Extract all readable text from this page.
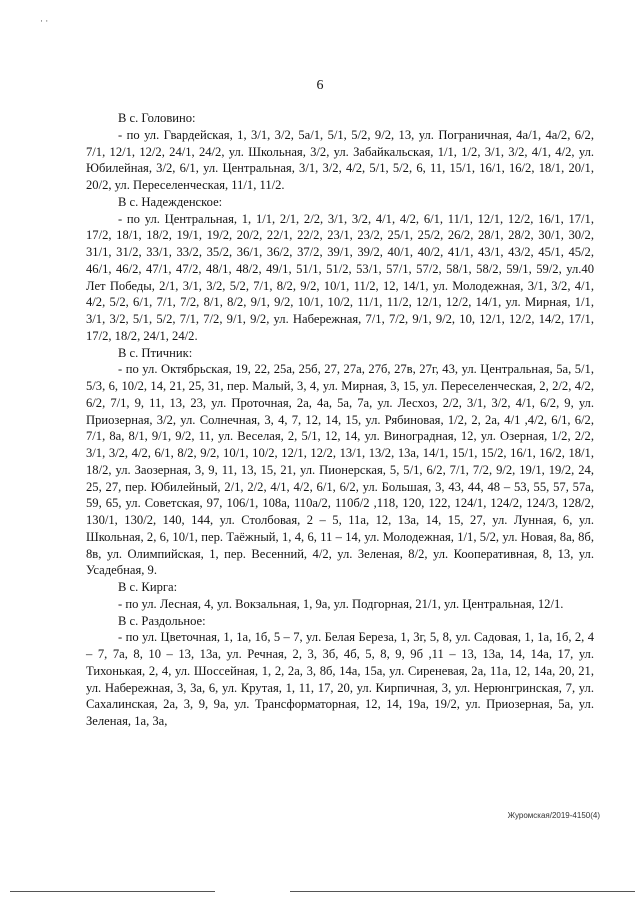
· ·
6

В с. Головино:

- по ул. Гвардейская, 1, 3/1, 3/2, 5а/1, 5/1, 5/2, 9/2, 13, ул. Пограничная, 4а/1, 4а/2, 6/2, 7/1, 12/1, 12/2, 24/1, 24/2, ул. Школьная, 3/2, ул. Забайкальская, 1/1, 1/2, 3/1, 3/2, 4/1, 4/2, ул. Юбилейная, 3/2, 6/1, ул. Центральная, 3/1, 3/2, 4/2, 5/1, 5/2, 6, 11, 15/1, 16/1, 16/2, 18/1, 20/1, 20/2, ул. Переселенческая, 11/1, 11/2.

В с. Надежденское:

- по ул. Центральная, 1, 1/1, 2/1, 2/2, 3/1, 3/2, 4/1, 4/2, 6/1, 11/1, 12/1, 12/2, 16/1, 17/1, 17/2, 18/1, 18/2, 19/1, 19/2, 20/2, 22/1, 22/2, 23/1, 23/2, 25/1, 25/2, 26/2, 28/1, 28/2, 30/1, 30/2, 31/1, 31/2, 33/1, 33/2, 35/2, 36/1, 36/2, 37/2, 39/1, 39/2, 40/1, 40/2, 41/1, 43/1, 43/2, 45/1, 45/2, 46/1, 46/2, 47/1, 47/2, 48/1, 48/2, 49/1, 51/1, 51/2, 53/1, 57/1, 57/2, 58/1, 58/2, 59/1, 59/2, ул.40 Лет Победы, 2/1, 3/1, 3/2, 5/2, 7/1, 8/2, 9/2, 10/1, 11/2, 12, 14/1, ул. Молодежная, 3/1, 3/2, 4/1, 4/2, 5/2, 6/1, 7/1, 7/2, 8/1, 8/2, 9/1, 9/2, 10/1, 10/2, 11/1, 11/2, 12/1, 12/2, 14/1, ул. Мирная, 1/1, 3/1, 3/2, 5/1, 5/2, 7/1, 7/2, 9/1, 9/2, ул. Набережная, 7/1, 7/2, 9/1, 9/2, 10, 12/1, 12/2, 14/2, 17/1, 17/2, 18/2, 24/1, 24/2.

В с. Птичник:

- по ул. Октябрьская, 19, 22, 25а, 25б, 27, 27а, 27б, 27в, 27г, 43, ул. Центральная, 5а, 5/1, 5/3, 6, 10/2, 14, 21, 25, 31, пер. Малый, 3, 4, ул. Мирная, 3, 15, ул. Переселенческая, 2, 2/2, 4/2, 6/2, 7/1, 9, 11, 13, 23, ул. Проточная, 2а, 4а, 5а, 7а, ул. Лесхоз, 2/2, 3/1, 3/2, 4/1, 6/2, 9, ул. Приозерная, 3/2, ул. Солнечная, 3, 4, 7, 12, 14, 15, ул. Рябиновая, 1/2, 2, 2а, 4/1 ,4/2, 6/1, 6/2, 7/1, 8а, 8/1, 9/1, 9/2, 11, ул. Веселая, 2, 5/1, 12, 14, ул. Виноградная, 12, ул. Озерная, 1/2, 2/2, 3/1, 3/2, 4/2, 6/1, 8/2, 9/2, 10/1, 10/2, 12/1, 12/2, 13/1, 13/2, 13а, 14/1, 15/1, 15/2, 16/1, 16/2, 18/1, 18/2, ул. Заозерная, 3, 9, 11, 13, 15, 21, ул. Пионерская, 5, 5/1, 6/2, 7/1, 7/2, 9/2, 19/1, 19/2, 24, 25, 27, пер. Юбилейный, 2/1, 2/2, 4/1, 4/2, 6/1, 6/2, ул. Большая, 3, 43, 44, 48 – 53, 55, 57, 57а, 59, 65, ул. Советская, 97, 106/1, 108а, 110а/2, 110б/2 ,118, 120, 122, 124/1, 124/2, 124/3, 128/2, 130/1, 130/2, 140, 144, ул. Столбовая, 2 – 5, 11а, 12, 13а, 14, 15, 27, ул. Лунная, 6, ул. Школьная, 2, 6, 10/1, пер. Таёжный, 1, 4, 6, 11 – 14, ул. Молодежная, 1/1, 5/2, ул. Новая, 8а, 8б, 8в, ул. Олимпийская, 1, пер. Весенний, 4/2, ул. Зеленая, 8/2, ул. Кооперативная, 8, 13, ул. Усадебная, 9.

В с. Кирга:

- по ул. Лесная, 4, ул. Вокзальная, 1, 9а, ул. Подгорная, 21/1, ул. Центральная, 12/1.

В с. Раздольное:

- по ул. Цветочная, 1, 1а, 1б, 5 – 7, ул. Белая Береза, 1, 3г, 5, 8, ул. Садовая, 1, 1а, 1б, 2, 4 – 7, 7а, 8, 10 – 13, 13а, ул. Речная, 2, 3, 3б, 4б, 5, 8, 9, 9б ,11 – 13, 13а, 14, 14а, 17, ул. Тихонькая, 2, 4, ул. Шоссейная, 1, 2, 2а, 3, 8б, 14а, 15а, ул. Сиреневая, 2а, 11а, 12, 14а, 20, 21, ул. Набережная, 3, 3а, 6, ул. Крутая, 1, 11, 17, 20, ул. Кирпичная, 3, ул. Нерюнгринская, 7, ул. Сахалинская, 2а, 3, 9, 9а, ул. Трансформаторная, 12, 14, 19а, 19/2, ул. Приозерная, 5а, ул. Зеленая, 1а, 3а,

Журомская/2019-4150(4)
